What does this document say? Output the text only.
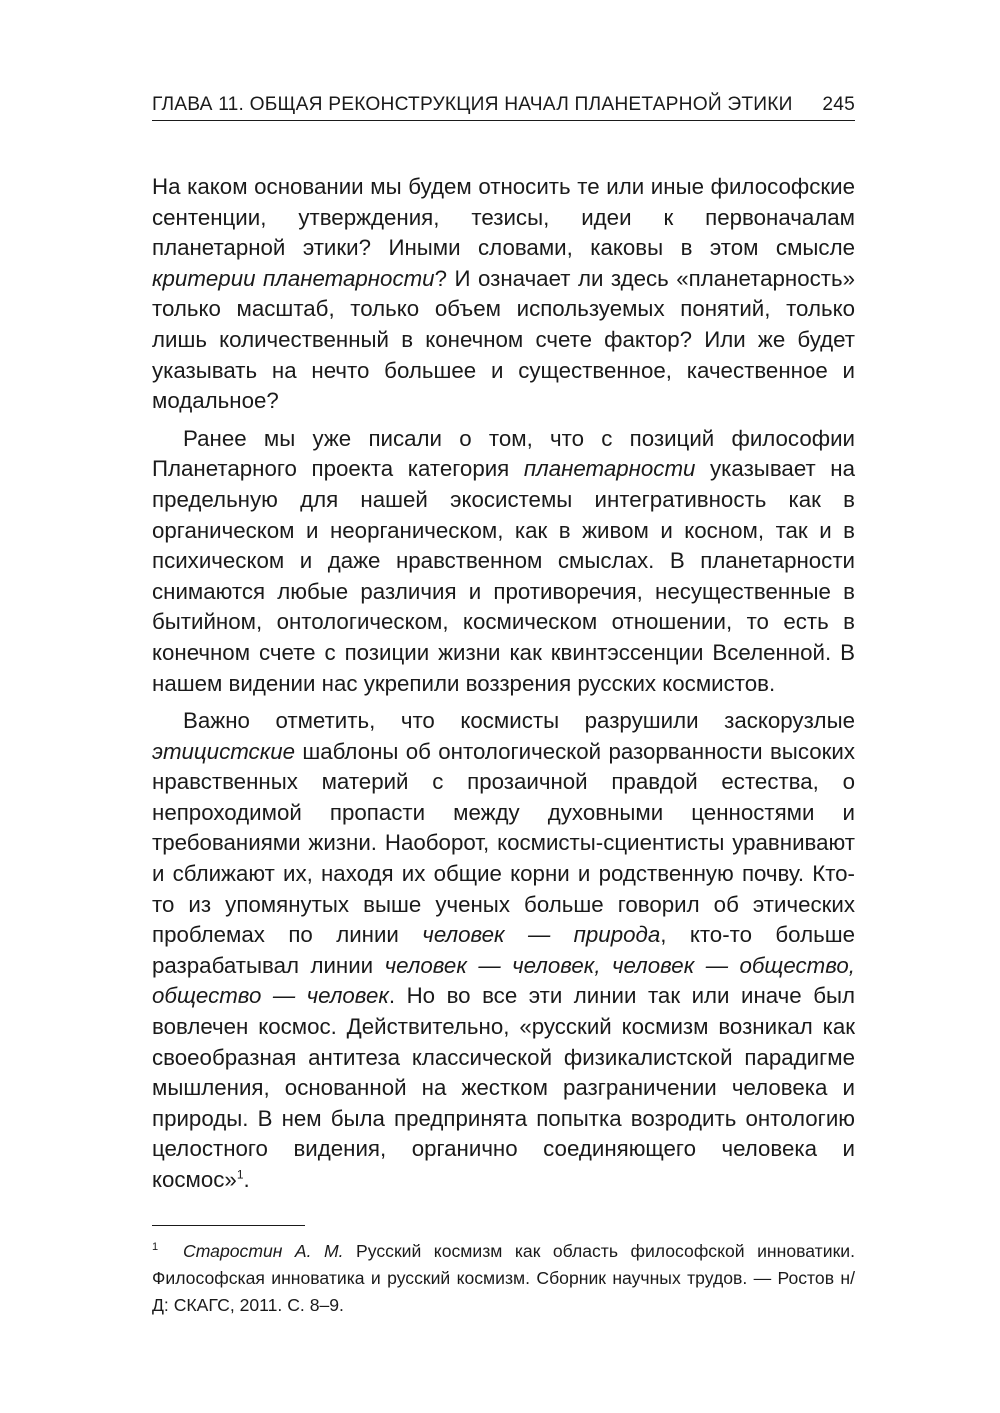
ГЛАВА 11. ОБЩАЯ РЕКОНСТРУКЦИЯ НАЧАЛ ПЛАНЕТАРНОЙ ЭТИКИ 245

На каком основании мы будем относить те или иные философские сентенции, утверждения, тезисы, идеи к первоначалам планетарной этики? Иными словами, каковы в этом смысле критерии планетарности? И означает ли здесь «планетарность» только масштаб, только объем используемых понятий, только лишь количественный в конечном счете фактор? Или же будет указывать на нечто большее и существенное, качественное и модальное?

Ранее мы уже писали о том, что с позиций философии Планетарного проекта категория планетарности указывает на предельную для нашей экосистемы интегративность как в органическом и неорганическом, как в живом и косном, так и в психическом и даже нравственном смыслах. В планетарности снимаются любые различия и противоречия, несущественные в бытийном, онтологическом, космическом отношении, то есть в конечном счете с позиции жизни как квинтэссенции Вселенной. В нашем видении нас укрепили воззрения русских космистов.

Важно отметить, что космисты разрушили заскорузлые этицистские шаблоны об онтологической разорванности высоких нравственных материй с прозаичной правдой естества, о непроходимой пропасти между духовными ценностями и требованиями жизни. Наоборот, космисты-сциентисты уравнивают и сближают их, находя их общие корни и родственную почву. Кто-то из упомянутых выше ученых больше говорил об этических проблемах по линии человек — природа, кто-то больше разрабатывал линии человек — человек, человек — общество, общество — человек. Но во все эти линии так или иначе был вовлечен космос. Действительно, «русский космизм возникал как своеобразная антитеза классической физикалистской парадигме мышления, основанной на жестком разграничении человека и природы. В нем была предпринята попытка возродить онтологию целостного видения, органично соединяющего человека и космос»$^1$.

1	Старостин А. М. Русский космизм как область философской инноватики. Философская инноватика и русский космизм. Сборник научных трудов. — Ростов н/Д: СКАГС, 2011. С. 8–9.
